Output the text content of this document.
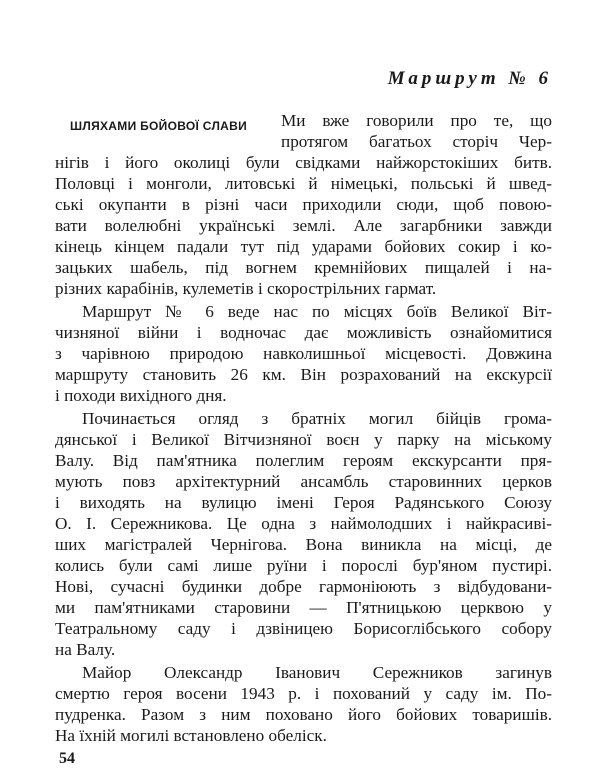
Маршрут № 6
ШЛЯХАМИ БОЙОВОЇ СЛАВИ Ми вже говорили про те, що
протягом багатьох сторіч Чер-
нігів і його околиці були свідками найжорстокіших битв.
Половці і монголи, литовські й німецькі, польські й швед-
ські окупанти в різні часи приходили сюди, щоб повою-
вати волелюбні українські землі. Але загарбники завжди
кінець кінцем падали тут під ударами бойових сокир і ко-
зацьких шабель, під вогнем кремнійових пищалей і на-
різних карабінів, кулеметів і скорострільних гармат.
Маршрут № 6 веде нас по місцях боїв Великої Віт-
чизняної війни і водночас дає можливість ознайомитися
з чарівною природою навколишньої місцевості. Довжина
маршруту становить 26 км. Він розрахований на екскурсії
і походи вихідного дня.
Починається огляд з братніх могил бійців грома-
дянської і Великої Вітчизняної воєн у парку на міському
Валу. Від пам'ятника полеглим героям екскурсанти пря-
мують повз архітектурний ансамбль старовинних церков
і виходять на вулицю імені Героя Радянського Союзу
О. І. Сережникова. Це одна з наймолодших і найкрасиві-
ших магістралей Чернігова. Вона виникла на місці, де
колись були самі лише руїни і порослі бур'яном пустирі.
Нові, сучасні будинки добре гармоніюють з відбудовани-
ми пам'ятниками старовини — П'ятницькою церквою у
Театральному саду і дзвіницею Борисоглібського собору
на Валу.
Майор Олександр Іванович Сережников загинув
смертю героя восени 1943 р. і похований у саду ім. По-
пудренка. Разом з ним поховано його бойових товаришів.
На їхній могилі встановлено обеліск.
54
